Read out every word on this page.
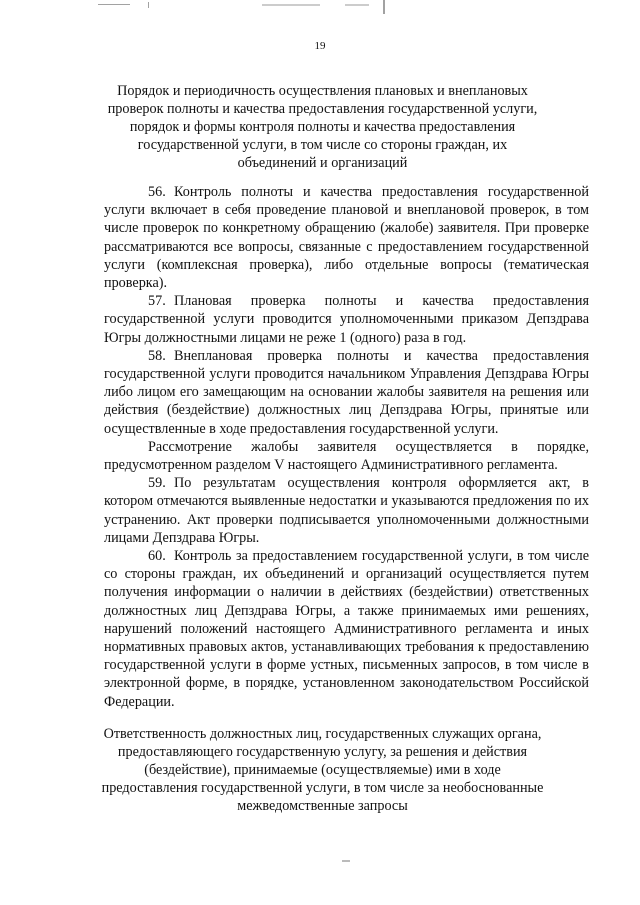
19
Порядок и периодичность осуществления плановых и внеплановых проверок полноты и качества предоставления государственной услуги, порядок и формы контроля полноты и качества предоставления государственной услуги, в том числе со стороны граждан, их объединений и организаций

56. Контроль полноты и качества предоставления государственной услуги включает в себя проведение плановой и внеплановой проверок, в том числе проверок по конкретному обращению (жалобе) заявителя. При проверке рассматриваются все вопросы, связанные с предоставлением государственной услуги (комплексная проверка), либо отдельные вопросы (тематическая проверка).

57. Плановая проверка полноты и качества предоставления государственной услуги проводится уполномоченными приказом Депздрава Югры должностными лицами не реже 1 (одного) раза в год.

58. Внеплановая проверка полноты и качества предоставления государственной услуги проводится начальником Управления Депздрава Югры либо лицом его замещающим на основании жалобы заявителя на решения или действия (бездействие) должностных лиц Депздрава Югры, принятые или осуществленные в ходе предоставления государственной услуги.

Рассмотрение жалобы заявителя осуществляется в порядке, предусмотренном разделом V настоящего Административного регламента.

59. По результатам осуществления контроля оформляется акт, в котором отмечаются выявленные недостатки и указываются предложения по их устранению. Акт проверки подписывается уполномоченными должностными лицами Депздрава Югры.

60. Контроль за предоставлением государственной услуги, в том числе со стороны граждан, их объединений и организаций осуществляется путем получения информации о наличии в действиях (бездействии) ответственных должностных лиц Депздрава Югры, а также принимаемых ими решениях, нарушений положений настоящего Административного регламента и иных нормативных правовых актов, устанавливающих требования к предоставлению государственной услуги в форме устных, письменных запросов, в том числе в электронной форме, в порядке, установленном законодательством Российской Федерации.

Ответственность должностных лиц, государственных служащих органа, предоставляющего государственную услугу, за решения и действия (бездействие), принимаемые (осуществляемые) ими в ходе предоставления государственной услуги, в том числе за необоснованные межведомственные запросы
